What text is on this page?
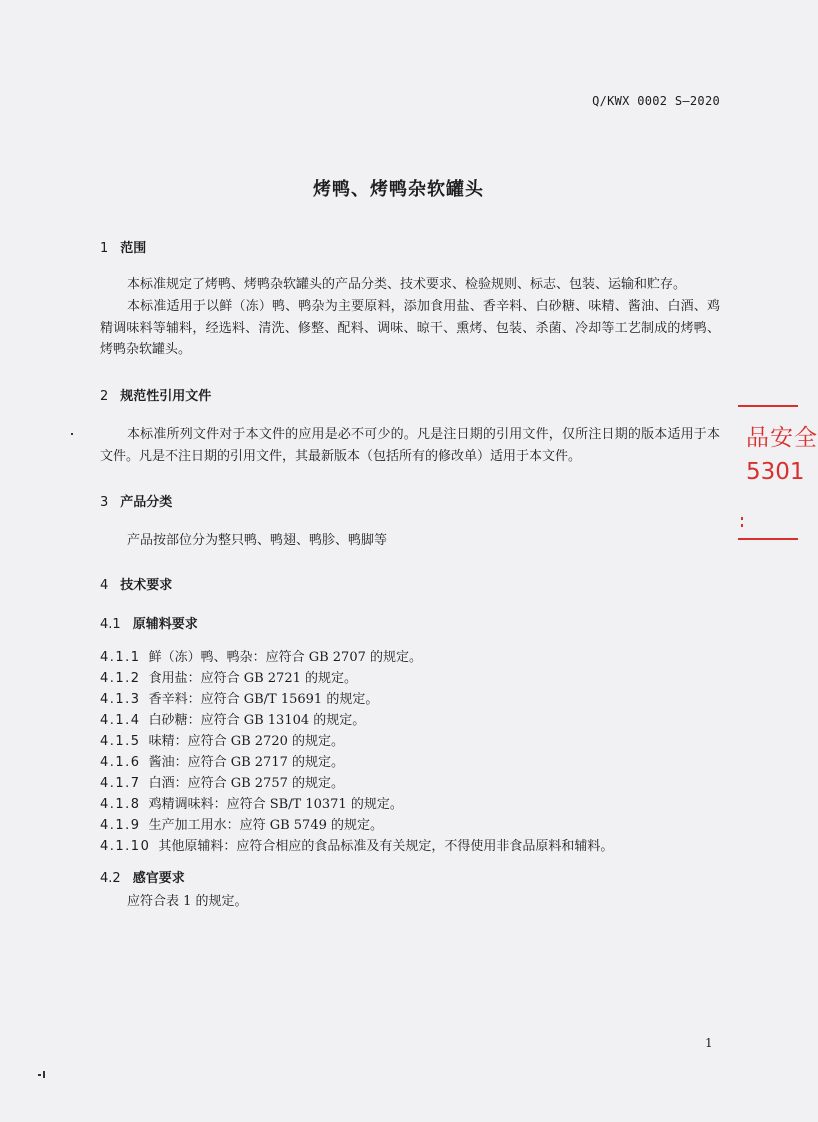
Q/KWX 0002 S—2020
烤鸭、烤鸭杂软罐头
1 范围
本标准规定了烤鸭、烤鸭杂软罐头的产品分类、技术要求、检验规则、标志、包装、运输和贮存。
本标准适用于以鲜（冻）鸭、鸭杂为主要原料，添加食用盐、香辛料、白砂糖、味精、酱油、白酒、鸡精调味料等辅料，经选料、清洗、修整、配料、调味、晾干、熏烤、包装、杀菌、冷却等工艺制成的烤鸭、烤鸭杂软罐头。
2 规范性引用文件
本标准所列文件对于本文件的应用是必不可少的。凡是注日期的引用文件，仅所注日期的版本适用于本文件。凡是不注日期的引用文件，其最新版本（包括所有的修改单）适用于本文件。
3 产品分类
产品按部位分为整只鸭、鸭翅、鸭胗、鸭脚等
4 技术要求
4.1 原辅料要求
4.1.1 鲜（冻）鸭、鸭杂：应符合 GB 2707 的规定。
4.1.2 食用盐：应符合 GB 2721 的规定。
4.1.3 香辛料：应符合 GB/T 15691 的规定。
4.1.4 白砂糖：应符合 GB 13104 的规定。
4.1.5 味精：应符合 GB 2720 的规定。
4.1.6 酱油：应符合 GB 2717 的规定。
4.1.7 白酒：应符合 GB 2757 的规定。
4.1.8 鸡精调味料：应符合 SB/T 10371 的规定。
4.1.9 生产加工用水：应符 GB 5749 的规定。
4.1.10 其他原辅料：应符合相应的食品标准及有关规定，不得使用非食品原料和辅料。
4.2 感官要求
应符合表 1 的规定。
1
品安全
5301
